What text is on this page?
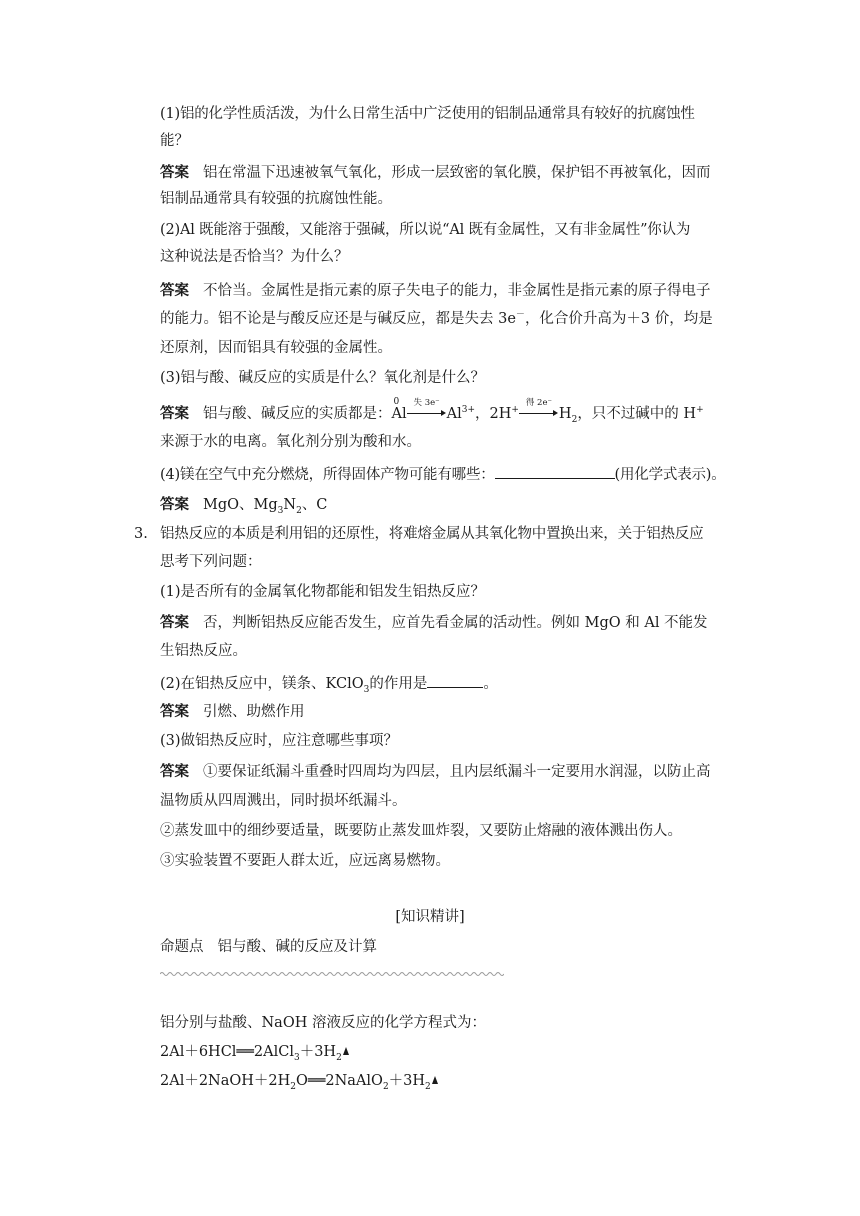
(1)铝的化学性质活泼，为什么日常生活中广泛使用的铝制品通常具有较好的抗腐蚀性
能？
答案 铝在常温下迅速被氧气氧化，形成一层致密的氧化膜，保护铝不再被氧化，因而
铝制品通常具有较强的抗腐蚀性能。
(2)Al 既能溶于强酸，又能溶于强碱，所以说“Al 既有金属性，又有非金属性”你认为
这种说法是否恰当？为什么？
答案 不恰当。金属性是指元素的原子失电子的能力，非金属性是指元素的原子得电子
的能力。铝不论是与酸反应还是与碱反应，都是失去 3e－，化合价升高为＋3 价，均是
还原剂，因而铝具有较强的金属性。
(3)铝与酸、碱反应的实质是什么？氧化剂是什么？
答案 铝与酸、碱反应的实质都是：
0
Al
失 3e⁻
$Al^{3+}$，2H+
得 2e⁻
$H_2$，只不过碱中的 H+
来源于水的电离。氧化剂分别为酸和水。
(4)镁在空气中充分燃烧，所得固体产物可能有哪些：	(用化学式表示)。
答案 MgO、$Mg_3N_2$、C
3. 铝热反应的本质是利用铝的还原性，将难熔金属从其氧化物中置换出来，关于铝热反应
思考下列问题：
(1)是否所有的金属氧化物都能和铝发生铝热反应？
答案 否，判断铝热反应能否发生，应首先看金属的活动性。例如 MgO 和 Al 不能发
生铝热反应。
(2)在铝热反应中，镁条、KClO$_3$的作用是	。
答案 引燃、助燃作用
(3)做铝热反应时，应注意哪些事项？
答案 ①要保证纸漏斗重叠时四周均为四层，且内层纸漏斗一定要用水润湿，以防止高
温物质从四周溅出，同时损坏纸漏斗。
②蒸发皿中的细纱要适量，既要防止蒸发皿炸裂，又要防止熔融的液体溅出伤人。
③实验装置不要距人群太近，应远离易燃物。
[知识精讲]
命题点 铝与酸、碱的反应及计算
铝分别与盐酸、NaOH 溶液反应的化学方程式为：
$2Al+6HCl══2AlCl_3+3H_2$
$2Al+2NaOH+2H_2O══2NaAlO_2+3H_2$
